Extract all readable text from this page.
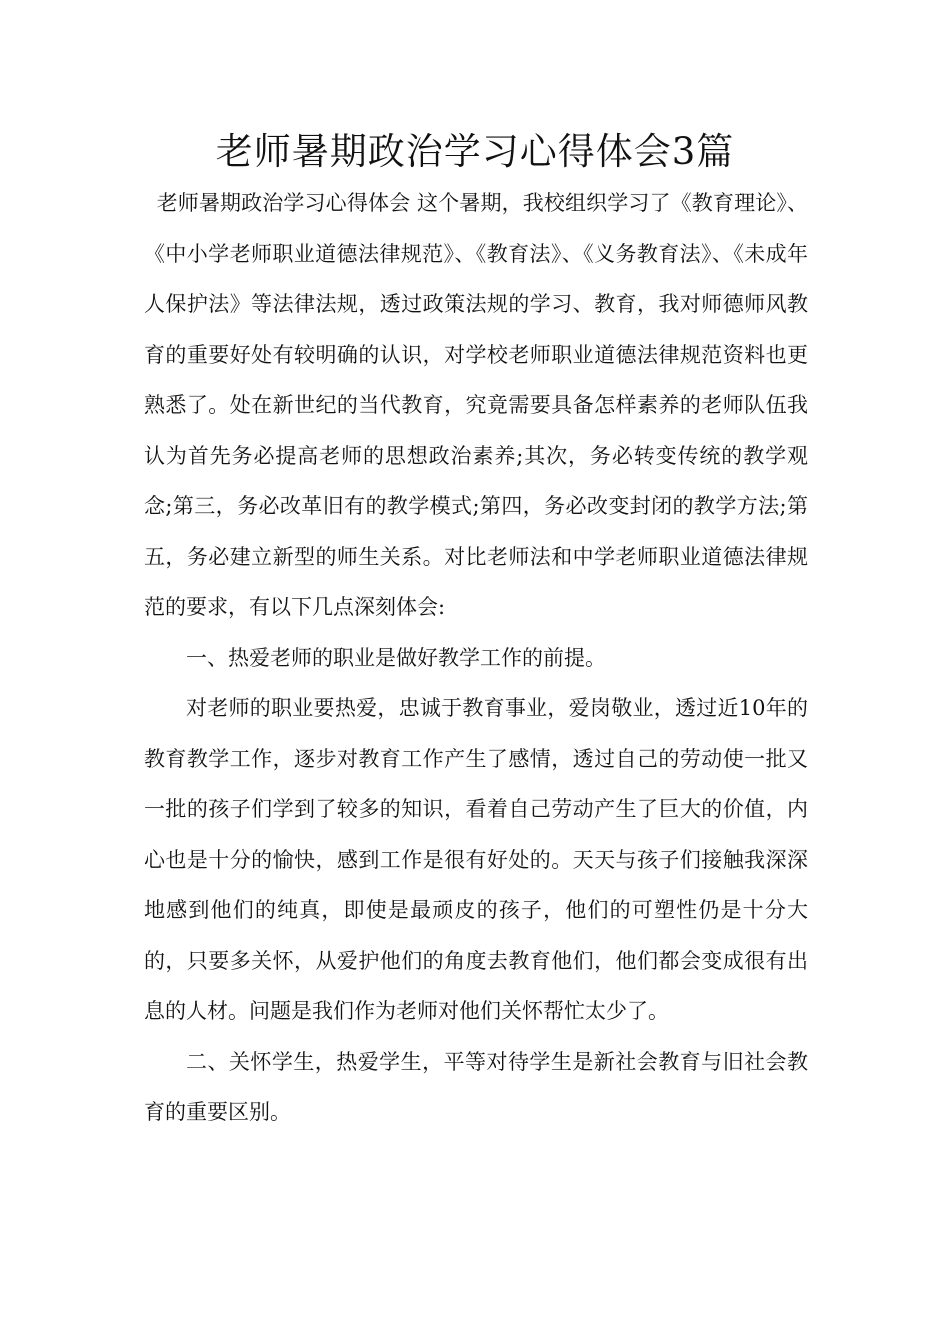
老师暑期政治学习心得体会3篇

老师暑期政治学习心得体会 这个暑期，我校组织学习了《教育理论》、《中小学老师职业道德法律规范》、《教育法》、《义务教育法》、《未成年人保护法》等法律法规，透过政策法规的学习、教育，我对师德师风教育的重要好处有较明确的认识，对学校老师职业道德法律规范资料也更熟悉了。处在新世纪的当代教育，究竟需要具备怎样素养的老师队伍我认为首先务必提高老师的思想政治素养;其次，务必转变传统的教学观念;第三，务必改革旧有的教学模式;第四，务必改变封闭的教学方法;第五，务必建立新型的师生关系。对比老师法和中学老师职业道德法律规范的要求，有以下几点深刻体会:

一、热爱老师的职业是做好教学工作的前提。

对老师的职业要热爱，忠诚于教育事业，爱岗敬业，透过近10年的教育教学工作，逐步对教育工作产生了感情，透过自己的劳动使一批又一批的孩子们学到了较多的知识，看着自己劳动产生了巨大的价值，内心也是十分的愉快，感到工作是很有好处的。天天与孩子们接触我深深地感到他们的纯真，即使是最顽皮的孩子，他们的可塑性仍是十分大的，只要多关怀，从爱护他们的角度去教育他们，他们都会变成很有出息的人材。问题是我们作为老师对他们关怀帮忙太少了。

二、关怀学生，热爱学生，平等对待学生是新社会教育与旧社会教育的重要区别。
